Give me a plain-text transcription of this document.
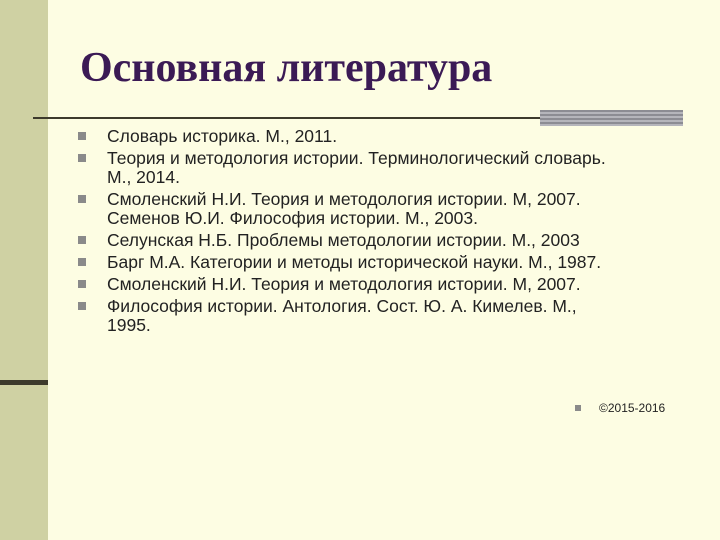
Основная литература
Словарь историка. М., 2011.
Теория и методология истории. Терминологический словарь.
М., 2014.
Смоленский Н.И. Теория и методология истории. М, 2007.
Семенов Ю.И. Философия истории. М., 2003.
Селунская Н.Б. Проблемы методологии истории. М., 2003
Барг М.А. Категории и методы исторической науки. М., 1987.
Смоленский Н.И. Теория и методология истории. М, 2007.
Философия истории. Антология. Сост. Ю. А. Кимелев. М.,
1995.
©2015-2016
